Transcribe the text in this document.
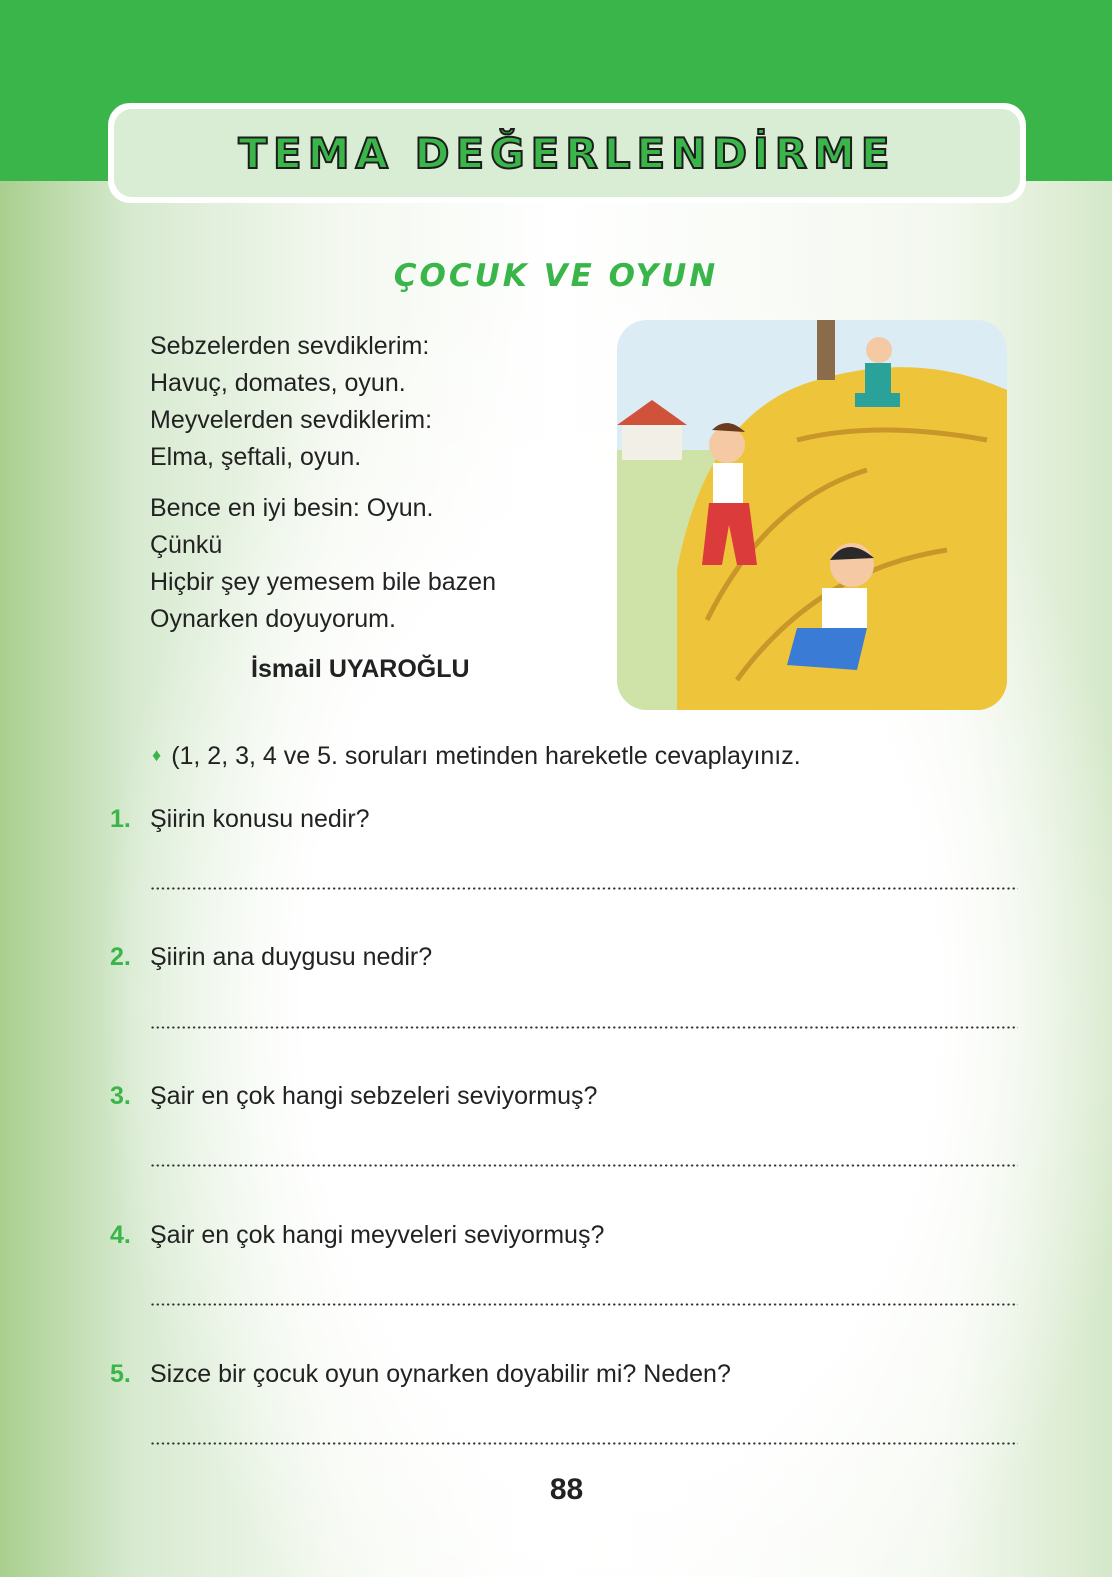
TEMA DEĞERLENDİRME
ÇOCUK VE OYUN
Sebzelerden sevdiklerim:
Havuç, domates, oyun.
Meyvelerden sevdiklerim:
Elma, şeftali, oyun.
Bence en iyi besin: Oyun.
Çünkü
Hiçbir şey yemesem bile bazen
Oynarken doyuyorum.
İsmail UYAROĞLU
♦ (1, 2, 3, 4 ve 5. soruları metinden hareketle cevaplayınız.
1. Şiirin konusu nedir?
2. Şiirin ana duygusu nedir?
3. Şair en çok hangi sebzeleri seviyormuş?
4. Şair en çok hangi meyveleri seviyormuş?
5. Sizce bir çocuk oyun oynarken doyabilir mi? Neden?
88
